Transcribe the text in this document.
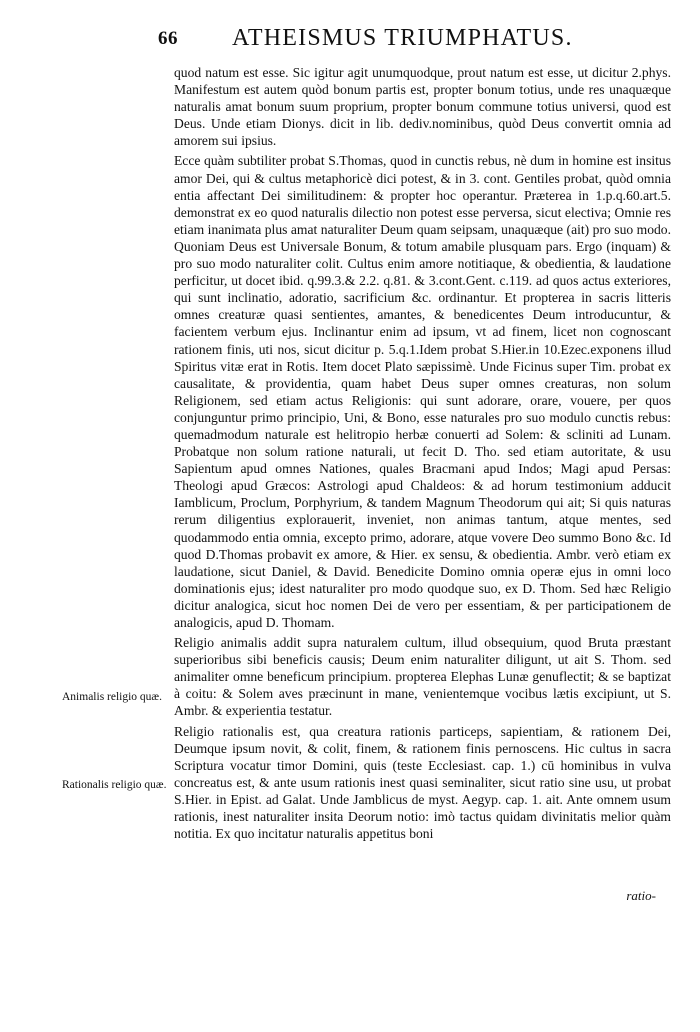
66 ATHEISMUS TRIUMPHATUS.

quod natum est esse. Sic igitur agit unumquodque, prout natum est esse, ut dicitur 2.phys. Manifestum est autem quòd bonum partis est, propter bonum totius, unde res unaquæque naturalis amat bonum suum proprium, propter bonum commune totius universi, quod est Deus. Unde etiam Dionys. dicit in lib. dediv.nominibus, quòd Deus convertit omnia ad amorem sui ipsius.

Ecce quàm subtiliter probat S.Thomas, quod in cunctis rebus, nè dum in homine est insitus amor Dei, qui & cultus metaphoricè dici potest, & in 3. cont. Gentiles probat, quòd omnia entia affectant Dei similitudinem: & propter hoc operantur. Præterea in 1.p.q.60.art.5. demonstrat ex eo quod naturalis dilectio non potest esse perversa, sicut electiva; Omnie res etiam inanimata plus amat naturaliter Deum quam seipsam, unaquæque (ait) pro suo modo. Quoniam Deus est Universale Bonum, & totum amabile plusquam pars. Ergo (inquam) & pro suo modo naturaliter colit. Cultus enim amore notitiaque, & obedientia, & laudatione perficitur, ut docet ibid. q.99.3.& 2.2. q.81. & 3.cont.Gent. c.119. ad quos actus exteriores, qui sunt inclinatio, adoratio, sacrificium &c. ordinantur. Et propterea in sacris litteris omnes creaturæ quasi sentientes, amantes, & benedicentes Deum introducuntur, & facientem verbum ejus. Inclinantur enim ad ipsum, vt ad finem, licet non cognoscant rationem finis, uti nos, sicut dicitur p. 5.q.1.Idem probat S.Hier.in 10.Ezec.exponens illud Spiritus vitæ erat in Rotis. Item docet Plato sæpissimè. Unde Ficinus super Tim. probat ex causalitate, & providentia, quam habet Deus super omnes creaturas, non solum Religionem, sed etiam actus Religionis: qui sunt adorare, orare, vouere, per quos conjunguntur primo principio, Uni, & Bono, esse naturales pro suo modulo cunctis rebus: quemadmodum naturale est helitropio herbæ conuerti ad Solem: & scliniti ad Lunam. Probatque non solum ratione naturali, ut fecit D. Tho. sed etiam autoritate, & usu Sapientum apud omnes Nationes, quales Bracmani apud Indos; Magi apud Persas: Theologi apud Græcos: Astrologi apud Chaldeos: & ad horum testimonium adducit Iamblicum, Proclum, Porphyrium, & tandem Magnum Theodorum qui ait; Si quis naturas rerum diligentius explorauerit, inveniet, non animas tantum, atque mentes, sed quodammodo entia omnia, excepto primo, adorare, atque vovere Deo summo Bono &c. Id quod D.Thomas probavit ex amore, & Hier. ex sensu, & obedientia. Ambr. verò etiam ex laudatione, sicut Daniel, & David. Benedicite Domino omnia operæ ejus in omni loco dominationis ejus; idest naturaliter pro modo quodque suo, ex D. Thom. Sed hæc Religio dicitur analogica, sicut hoc nomen Dei de vero per essentiam, & per participationem de analogicis, apud D. Thomam.

Religio animalis addit supra naturalem cultum, illud obsequium, quod Bruta præstant superioribus sibi beneficis causis; Deum enim naturaliter diligunt, ut ait S. Thom. sed animaliter omne beneficum principium. propterea Elephas Lunæ genuflectit; & se baptizat à coitu: & Solem aves præcinunt in mane, venientemque vocibus lætis excipiunt, ut S. Ambr. & experientia testatur.

Religio rationalis est, qua creatura rationis particeps, sapientiam, & rationem Dei, Deumque ipsum novit, & colit, finem, & rationem finis pernoscens. Hic cultus in sacra Scriptura vocatur timor Domini, quis (teste Ecclesiast. cap. 1.) cū hominibus in vulva concreatus est, & ante usum rationis inest quasi seminaliter, sicut ratio sine usu, ut probat S.Hier. in Epist. ad Galat. Unde Jamblicus de myst. Aegyp. cap. 1. ait. Ante omnem usum rationis, inest naturaliter insita Deorum notio: imò tactus quidam divinitatis melior quàm notitia. Ex quo incitatur naturalis appetitus boni

Animalis religio quæ.
Rationalis religio quæ.
ratio-
